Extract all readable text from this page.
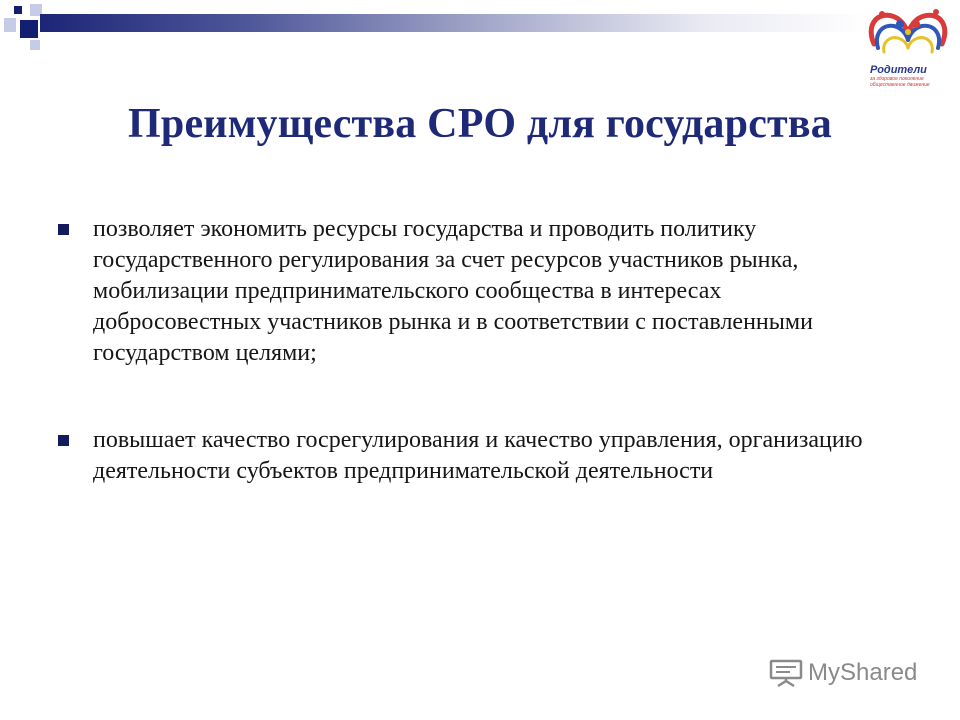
Родители
за здоровое поколение
общественное движение
Преимущества СРО для государства
позволяет экономить ресурсы государства и проводить политику государственного регулирования за счет ресурсов участников рынка, мобилизации предпринимательского сообщества в интересах добросовестных участников рынка и в соответствии с поставленными государством целями;
повышает качество госрегулирования и качество управления, организацию деятельности субъектов предпринимательской деятельности
MyShared
